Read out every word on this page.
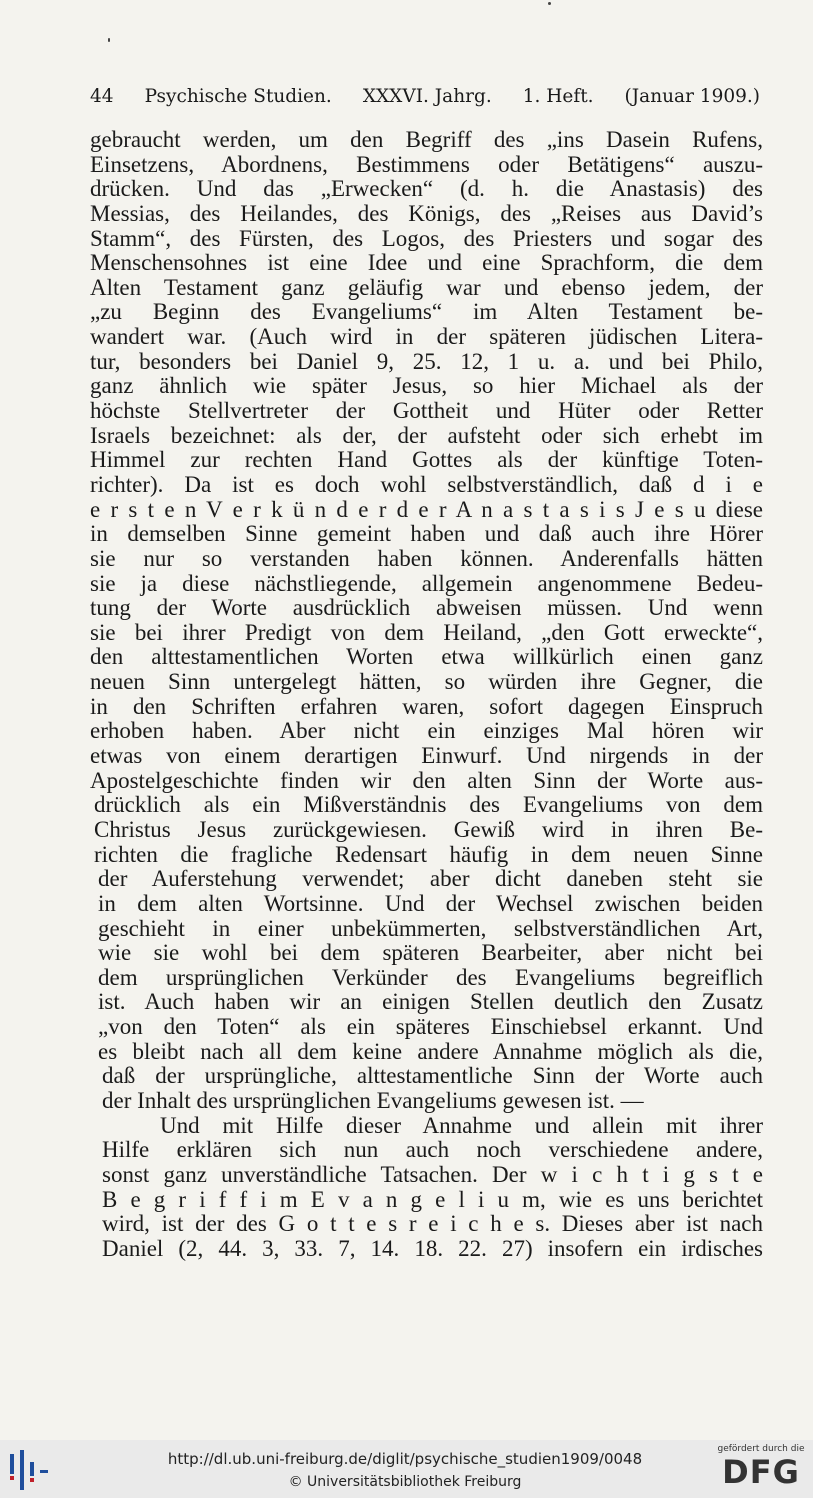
44 Psychische Studien. XXXVI. Jahrg. 1. Heft. (Januar 1909.)
gebraucht werden, um den Begriff des „ins Dasein Rufens,
Einsetzens, Abordnens, Bestimmens oder Betätigens“ auszu-
drücken. Und das „Erwecken“ (d. h. die Anastasis) des
Messias, des Heilandes, des Königs, des „Reises aus David’s
Stamm“, des Fürsten, des Logos, des Priesters und sogar des
Menschensohnes ist eine Idee und eine Sprachform, die dem
Alten Testament ganz geläufig war und ebenso jedem, der
„zu Beginn des Evangeliums“ im Alten Testament be-
wandert war. (Auch wird in der späteren jüdischen Litera-
tur, besonders bei Daniel 9, 25. 12, 1 u. a. und bei Philo,
ganz ähnlich wie später Jesus, so hier Michael als der
höchste Stellvertreter der Gottheit und Hüter oder Retter
Israels bezeichnet: als der, der aufsteht oder sich erhebt im
Himmel zur rechten Hand Gottes als der künftige Toten-
richter). Da ist es doch wohl selbstverständlich, daß d i e
e r s t e n V e r k ü n d e r d e r A n a s t a s i s J e s u diese
in demselben Sinne gemeint haben und daß auch ihre Hörer
sie nur so verstanden haben können. Anderenfalls hätten
sie ja diese nächstliegende, allgemein angenommene Bedeu-
tung der Worte ausdrücklich abweisen müssen. Und wenn
sie bei ihrer Predigt von dem Heiland, „den Gott erweckte“,
den alttestamentlichen Worten etwa willkürlich einen ganz
neuen Sinn untergelegt hätten, so würden ihre Gegner, die
in den Schriften erfahren waren, sofort dagegen Einspruch
erhoben haben. Aber nicht ein einziges Mal hören wir
etwas von einem derartigen Einwurf. Und nirgends in der
Apostelgeschichte finden wir den alten Sinn der Worte aus-
drücklich als ein Mißverständnis des Evangeliums von dem
Christus Jesus zurückgewiesen. Gewiß wird in ihren Be-
richten die fragliche Redensart häufig in dem neuen Sinne
der Auferstehung verwendet; aber dicht daneben steht sie
in dem alten Wortsinne. Und der Wechsel zwischen beiden
geschieht in einer unbekümmerten, selbstverständlichen Art,
wie sie wohl bei dem späteren Bearbeiter, aber nicht bei
dem ursprünglichen Verkünder des Evangeliums begreiflich
ist. Auch haben wir an einigen Stellen deutlich den Zusatz
„von den Toten“ als ein späteres Einschiebsel erkannt. Und
es bleibt nach all dem keine andere Annahme möglich als die,
daß der ursprüngliche, alttestamentliche Sinn der Worte auch
der Inhalt des ursprünglichen Evangeliums gewesen ist. —
Und mit Hilfe dieser Annahme und allein mit ihrer
Hilfe erklären sich nun auch noch verschiedene andere,
sonst ganz unverständliche Tatsachen. Der w i c h t i g s t e
B e g r i f f i m E v a n g e l i u m, wie es uns berichtet
wird, ist der des G o t t e s r e i c h e s. Dieses aber ist nach
Daniel (2, 44. 3, 33. 7, 14. 18. 22. 27) insofern ein irdisches
http://dl.ub.uni-freiburg.de/diglit/psychische_studien1909/0048
© Universitätsbibliothek Freiburg
gefördert durch die
DFG
